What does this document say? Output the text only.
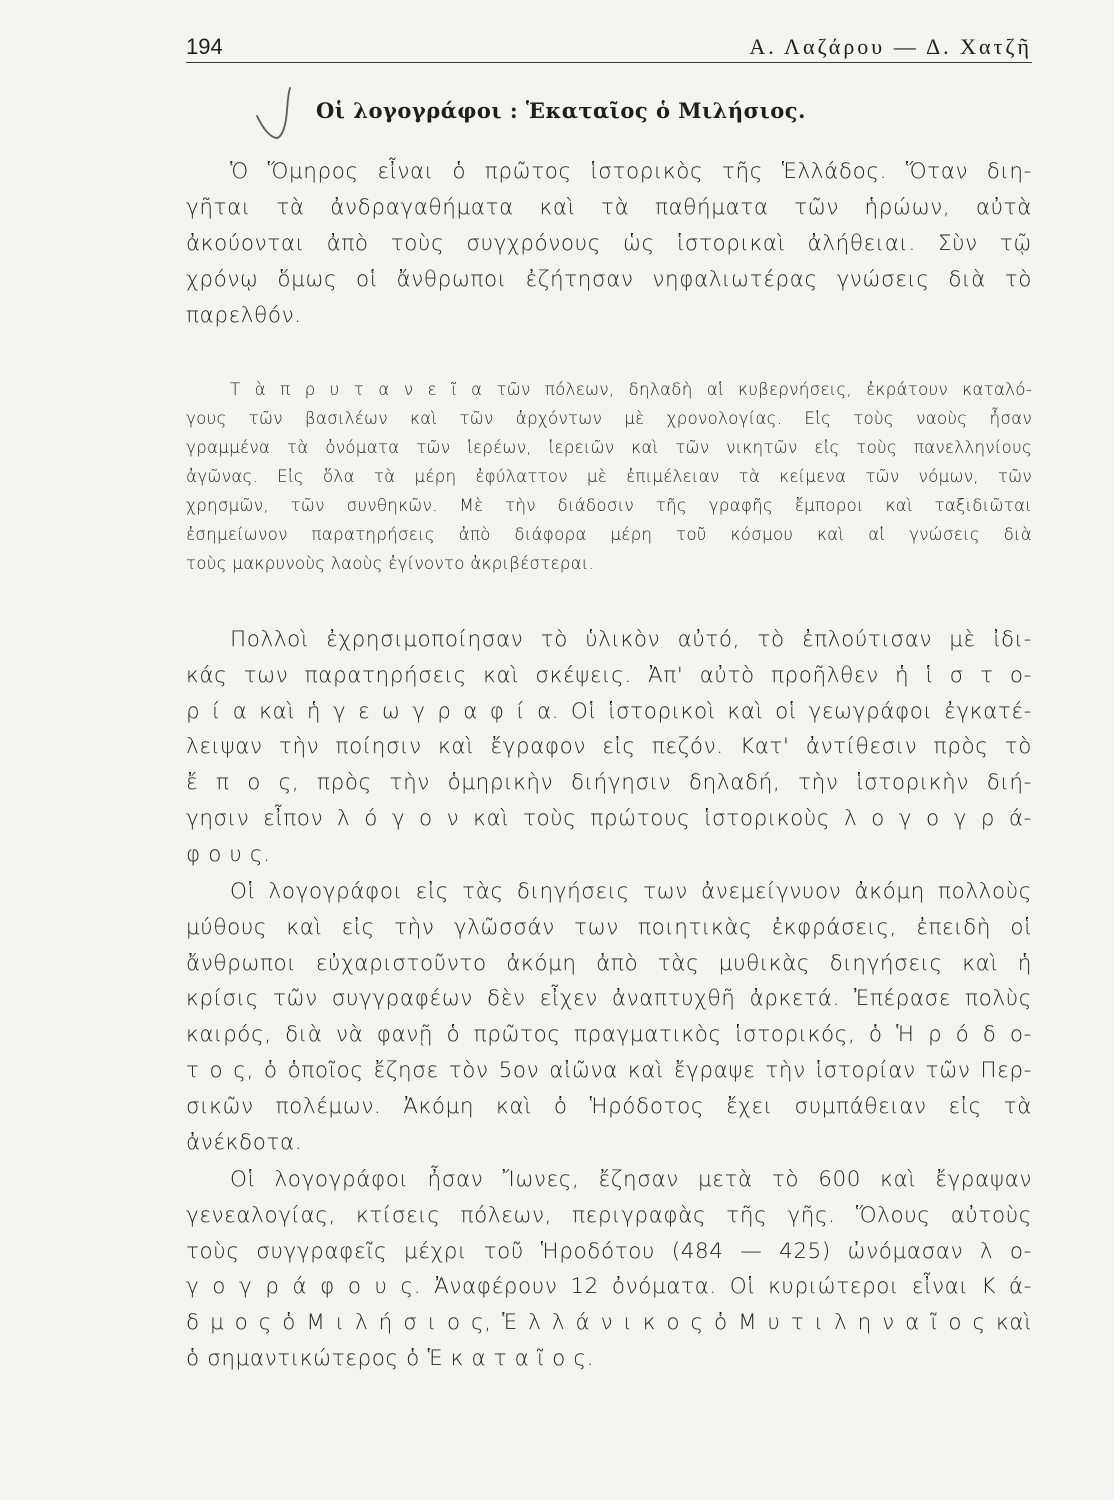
194	Α. Λαζάρου — Δ. Χατζῆ
Οἱ λογογράφοι : Ἑκαταῖος ὁ Μιλήσιος.

Ὁ Ὅμηρος εἶναι ὁ πρῶτος ἱστορικὸς τῆς Ἑλλάδος. Ὅταν διη-
γῆται τὰ ἀνδραγαθήματα καὶ τὰ παθήματα τῶν ἡρώων, αὐτὰ
ἀκούονται ἀπὸ τοὺς συγχρόνους ὡς ἱστορικαὶ ἀλήθειαι. Σὺν τῷ
χρόνῳ ὅμως οἱ ἄνθρωποι ἐζήτησαν νηφαλιωτέρας γνώσεις διὰ τὸ
παρελθόν.

Τ ὰ π ρ υ τ α ν ε ῖ α τῶν πόλεων, δηλαδὴ αἱ κυβερνήσεις, ἐκράτουν καταλό-
γους τῶν βασιλέων καὶ τῶν ἀρχόντων μὲ χρονολογίας. Εἰς τοὺς ναοὺς ἦσαν
γραμμένα τὰ ὀνόματα τῶν ἱερέων, ἱερειῶν καὶ τῶν νικητῶν εἰς τοὺς πανελληνίους
ἀγῶνας. Εἰς ὅλα τὰ μέρη ἐφύλαττον μὲ ἐπιμέλειαν τὰ κείμενα τῶν νόμων, τῶν
χρησμῶν, τῶν συνθηκῶν. Μὲ τὴν διάδοσιν τῆς γραφῆς ἔμποροι καὶ ταξιδιῶται
ἐσημείωνον παρατηρήσεις ἀπὸ διάφορα μέρη τοῦ κόσμου καὶ αἱ γνώσεις διὰ
τοὺς μακρυνοὺς λαοὺς ἐγίνοντο ἀκριβέστεραι.

Πολλοὶ ἐχρησιμοποίησαν τὸ ὑλικὸν αὐτό, τὸ ἐπλούτισαν μὲ ἰδι-
κάς των παρατηρήσεις καὶ σκέψεις. Ἀπ' αὐτὸ προῆλθεν ἡ ἱ σ τ ο-
ρ ί α καὶ ἡ γ ε ω γ ρ α φ ί α. Οἱ ἱστορικοὶ καὶ οἱ γεωγράφοι ἐγκατέ-
λειψαν τὴν ποίησιν καὶ ἔγραφον εἰς πεζόν. Κατ' ἀντίθεσιν πρὸς τὸ
ἔ π ο ς, πρὸς τὴν ὁμηρικὴν διήγησιν δηλαδή, τὴν ἱστορικὴν διή-
γησιν εἶπον λ ό γ ο ν καὶ τοὺς πρώτους ἱστορικοὺς λ ο γ ο γ ρ ά-
φ ο υ ς.

Οἱ λογογράφοι εἰς τὰς διηγήσεις των ἀνεμείγνυον ἀκόμη πολλοὺς
μύθους καὶ εἰς τὴν γλῶσσάν των ποιητικὰς ἐκφράσεις, ἐπειδὴ οἱ
ἄνθρωποι εὐχαριστοῦντο ἀκόμη ἀπὸ τὰς μυθικὰς διηγήσεις καὶ ἡ
κρίσις τῶν συγγραφέων δὲν εἶχεν ἀναπτυχθῆ ἀρκετά. Ἐπέρασε πολὺς
καιρός, διὰ νὰ φανῇ ὁ πρῶτος πραγματικὸς ἱστορικός, ὁ Ἡ ρ ό δ ο-
τ ο ς, ὁ ὁποῖος ἔζησε τὸν 5ον αἰῶνα καὶ ἔγραψε τὴν ἱστορίαν τῶν Περ-
σικῶν πολέμων. Ἀκόμη καὶ ὁ Ἡρόδοτος ἔχει συμπάθειαν εἰς τὰ
ἀνέκδοτα.

Οἱ λογογράφοι ἦσαν Ἴωνες, ἔζησαν μετὰ τὸ 600 καὶ ἔγραψαν
γενεαλογίας, κτίσεις πόλεων, περιγραφὰς τῆς γῆς. Ὅλους αὐτοὺς
τοὺς συγγραφεῖς μέχρι τοῦ Ἡροδότου (484 — 425) ὠνόμασαν λ ο-
γ ο γ ρ ά φ ο υ ς. Ἀναφέρουν 12 ὀνόματα. Οἱ κυριώτεροι εἶναι Κ ά-
δ μ ο ς ὁ Μ ι λ ή σ ι ο ς, Ἑ λ λ ά ν ι κ ο ς ὁ Μ υ τ ι λ η ν α ῖ ο ς καὶ
ὁ σημαντικώτερος ὁ Ἑ κ α τ α ῖ ο ς.
